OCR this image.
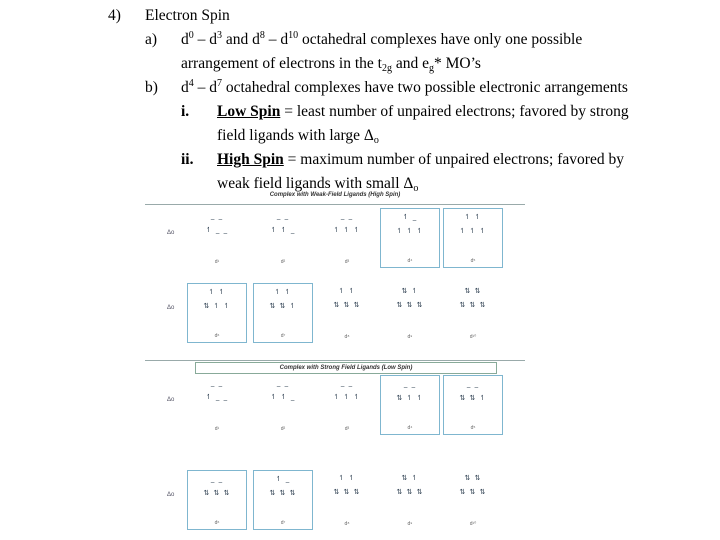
4) Electron Spin
a) $d^0 - d^3$ and $d^8 - d^{10}$ octahedral complexes have only one possible
arrangement of electrons in the $t_{2g}$ and $e_g*$ MO’s
b) $d^4 - d^7$ octahedral complexes have two possible electronic arrangements
i. Low Spin = least number of unpaired electrons; favored by strong
field ligands with large $\Delta_o$
ii. High Spin = maximum number of unpaired electrons; favored by
weak field ligands with small $\Delta_o$
Complex with Weak-Field Ligands (High Spin)
Complex with Strong Field Ligands (Low Spin)
Δo
_ _
↿ _ _
d¹
_ _
↿ ↿ _
d²
_ _
↿ ↿ ↿
d³
↿ _
↿ ↿ ↿
d⁴
↿ ↿
↿ ↿ ↿
d⁵
Δo
↿ ↿
⇅ ↿ ↿
d⁶
↿ ↿
⇅ ⇅ ↿
d⁷
↿ ↿
⇅ ⇅ ⇅
d⁸
⇅ ↿
⇅ ⇅ ⇅
d⁹
⇅ ⇅
⇅ ⇅ ⇅
d¹⁰
Δo
_ _
↿ _ _
d¹
_ _
↿ ↿ _
d²
_ _
↿ ↿ ↿
d³
_ _
⇅ ↿ ↿
d⁴
_ _
⇅ ⇅ ↿
d⁵
Δo
_ _
⇅ ⇅ ⇅
d⁶
↿ _
⇅ ⇅ ⇅
d⁷
↿ ↿
⇅ ⇅ ⇅
d⁸
⇅ ↿
⇅ ⇅ ⇅
d⁹
⇅ ⇅
⇅ ⇅ ⇅
d¹⁰
